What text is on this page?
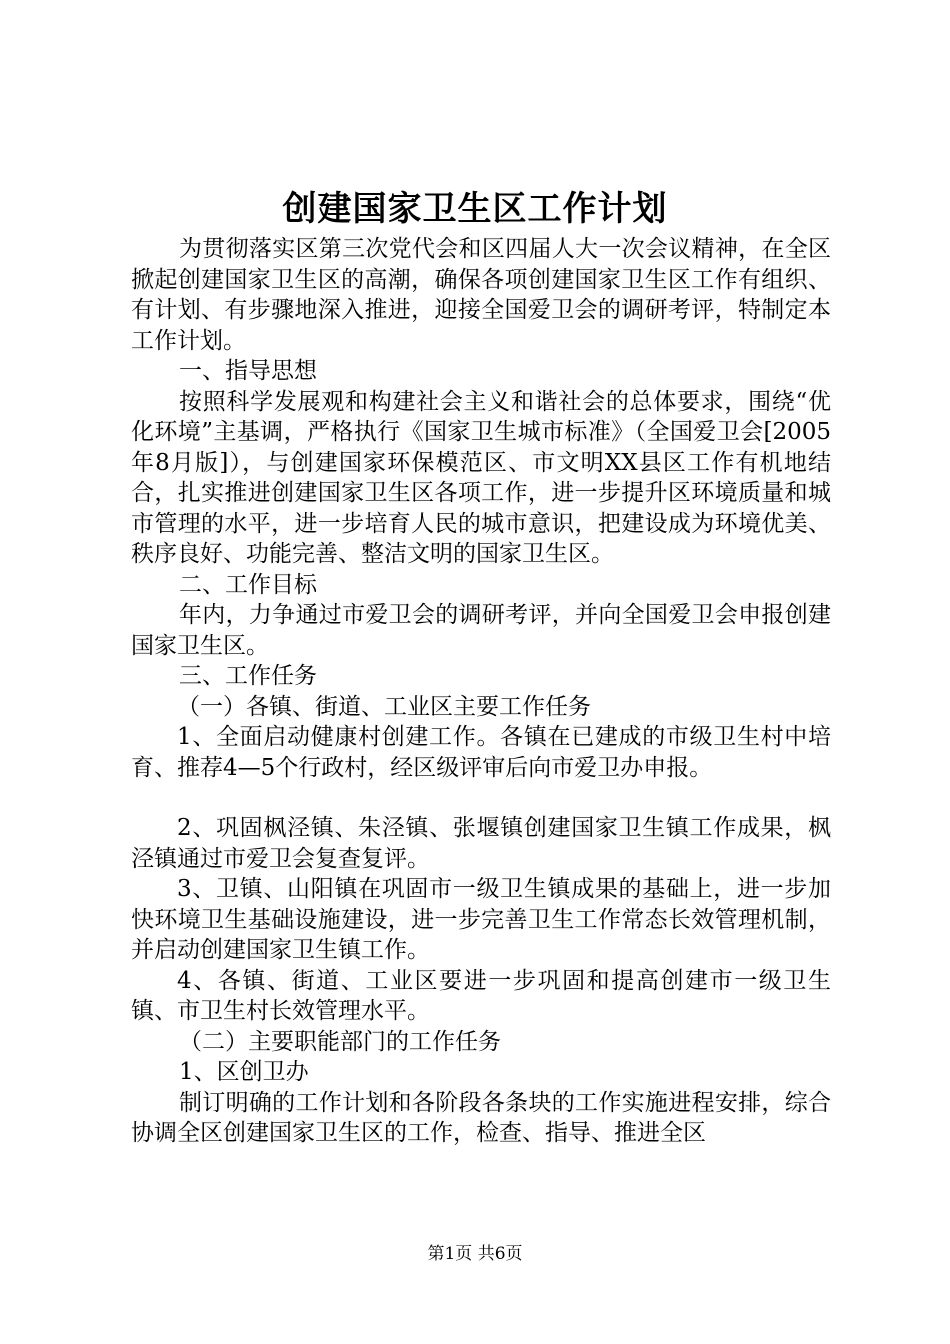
创建国家卫生区工作计划

为贯彻落实区第三次党代会和区四届人大一次会议精神，在全区掀起创建国家卫生区的高潮，确保各项创建国家卫生区工作有组织、有计划、有步骤地深入推进，迎接全国爱卫会的调研考评，特制定本工作计划。

一、指导思想

按照科学发展观和构建社会主义和谐社会的总体要求，围绕“优化环境”主基调，严格执行《国家卫生城市标准》（全国爱卫会[2005年8月版]），与创建国家环保模范区、市文明XX县区工作有机地结合，扎实推进创建国家卫生区各项工作，进一步提升区环境质量和城市管理的水平，进一步培育人民的城市意识，把建设成为环境优美、秩序良好、功能完善、整洁文明的国家卫生区。

二、工作目标

年内，力争通过市爱卫会的调研考评，并向全国爱卫会申报创建国家卫生区。

三、工作任务

（一）各镇、街道、工业区主要工作任务

1、全面启动健康村创建工作。各镇在已建成的市级卫生村中培育、推荐4—5个行政村，经区级评审后向市爱卫办申报。

2、巩固枫泾镇、朱泾镇、张堰镇创建国家卫生镇工作成果，枫泾镇通过市爱卫会复查复评。

3、卫镇、山阳镇在巩固市一级卫生镇成果的基础上，进一步加快环境卫生基础设施建设，进一步完善卫生工作常态长效管理机制，并启动创建国家卫生镇工作。

4、各镇、街道、工业区要进一步巩固和提高创建市一级卫生镇、市卫生村长效管理水平。

（二）主要职能部门的工作任务

1、区创卫办

制订明确的工作计划和各阶段各条块的工作实施进程安排，综合协调全区创建国家卫生区的工作，检查、指导、推进全区

第1页 共6页
